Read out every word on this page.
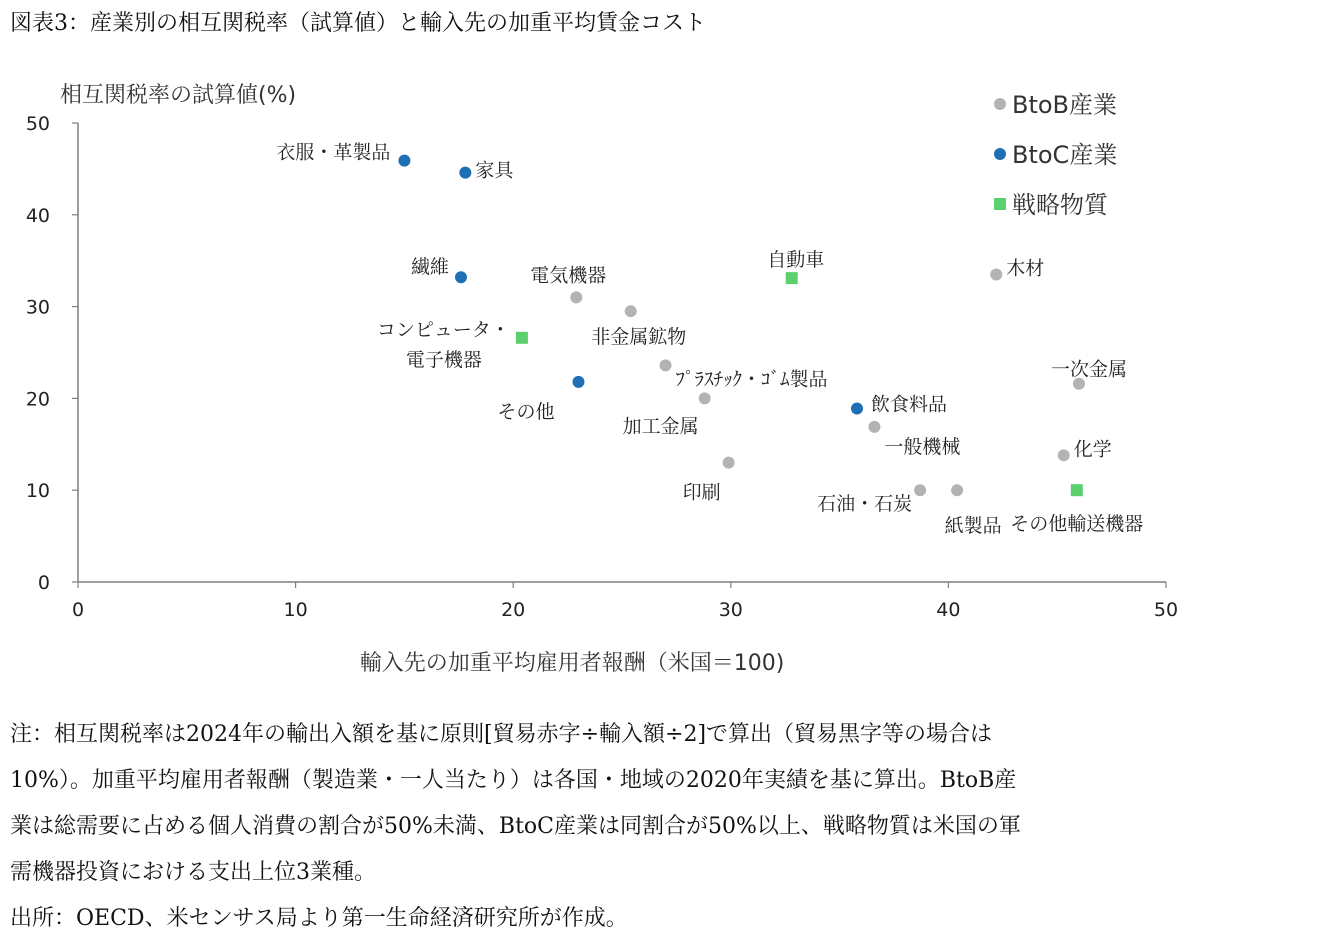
図表3：産業別の相互関税率（試算値）と輸入先の加重平均賃金コスト
0	10	20	30	40	50
0
10
20
30
40
50
電気機器
非金属鉱物
ﾌﾟﾗｽﾁｯｸ・ｺﾞﾑ製品
加工金属
印刷
一般機械
石油・石炭
紙製品
木材
一次金属
化学
衣服・革製品
家具
繊維
その他	飲食料品
自動車
コンピュータ・
電子機器
その他輸送機器
BtoB産業
BtoC産業
戦略物質
相互関税率の試算値(%)
輸入先の加重平均雇用者報酬（米国＝100)
注：相互関税率は2024年の輸出入額を基に原則[貿易赤字÷輸入額÷2]で算出（貿易黒字等の場合は
10%）。加重平均雇用者報酬（製造業・一人当たり）は各国・地域の2020年実績を基に算出。BtoB産
業は総需要に占める個人消費の割合が50%未満、BtoC産業は同割合が50%以上、戦略物質は米国の軍
需機器投資における支出上位3業種。
出所：OECD、米センサス局より第一生命経済研究所が作成。
